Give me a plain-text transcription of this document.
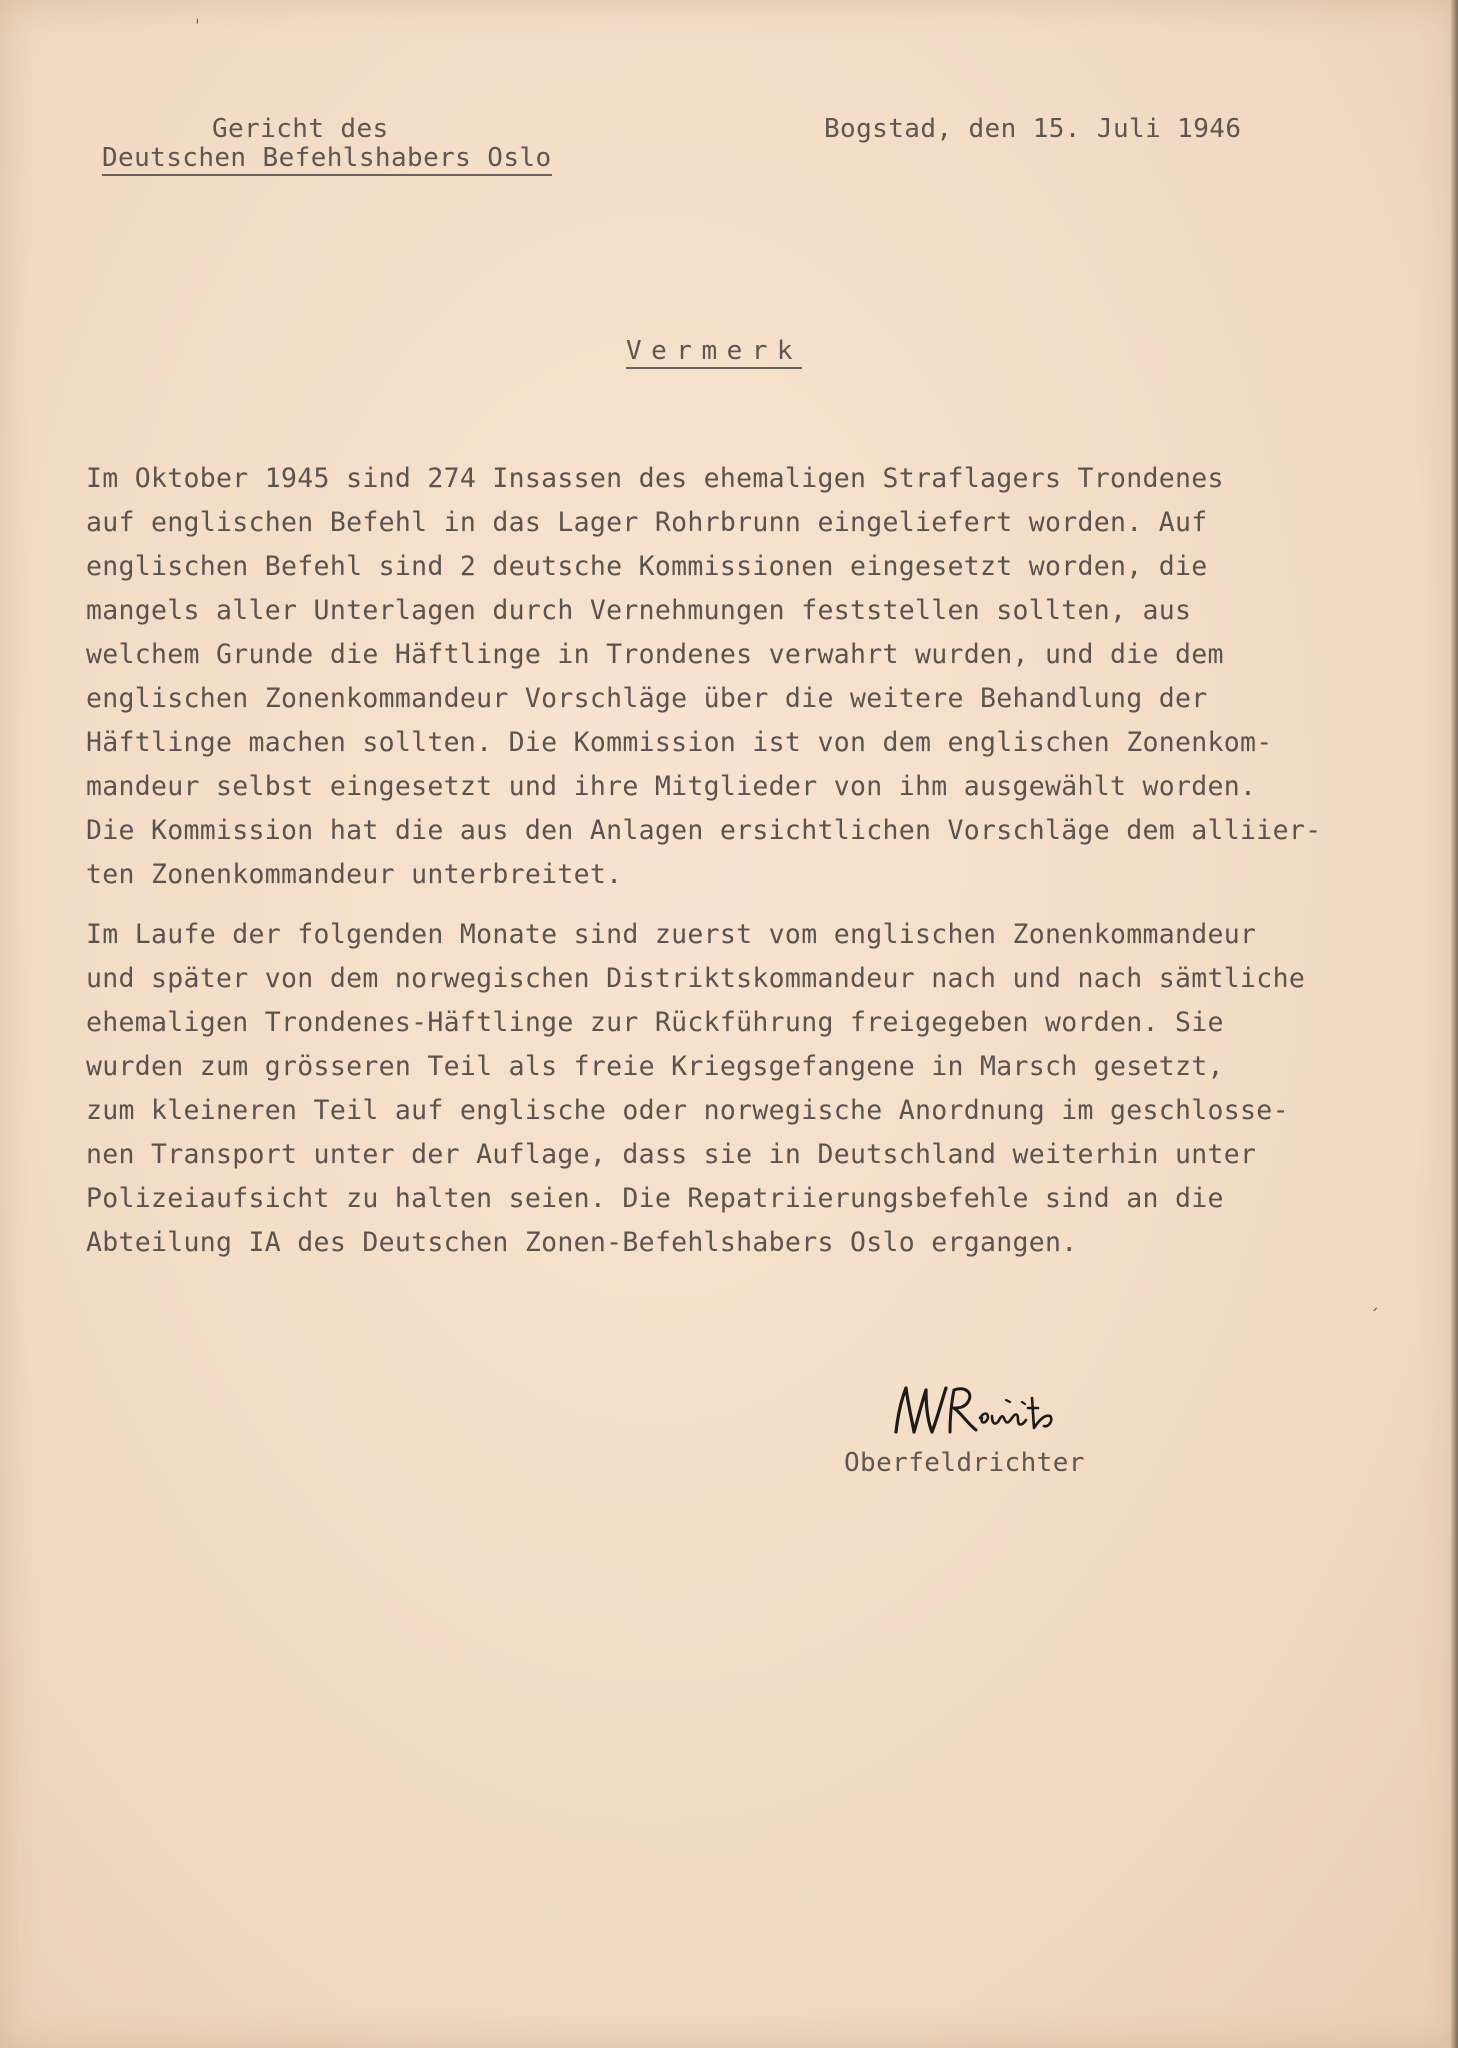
Gericht des
Deutschen Befehlshabers Oslo
Bogstad, den 15. Juli 1946
Vermerk
Im Oktober 1945 sind 274 Insassen des ehemaligen Straflagers Trondenes
auf englischen Befehl in das Lager Rohrbrunn eingeliefert worden. Auf
englischen Befehl sind 2 deutsche Kommissionen eingesetzt worden, die
mangels aller Unterlagen durch Vernehmungen feststellen sollten, aus
welchem Grunde die Häftlinge in Trondenes verwahrt wurden, und die dem
englischen Zonenkommandeur Vorschläge über die weitere Behandlung der
Häftlinge machen sollten. Die Kommission ist von dem englischen Zonenkom-
mandeur selbst eingesetzt und ihre Mitglieder von ihm ausgewählt worden.
Die Kommission hat die aus den Anlagen ersichtlichen Vorschläge dem alliier-
ten Zonenkommandeur unterbreitet.
Im Laufe der folgenden Monate sind zuerst vom englischen Zonenkommandeur
und später von dem norwegischen Distriktskommandeur nach und nach sämtliche
ehemaligen Trondenes-Häftlinge zur Rückführung freigegeben worden. Sie
wurden zum grösseren Teil als freie Kriegsgefangene in Marsch gesetzt,
zum kleineren Teil auf englische oder norwegische Anordnung im geschlosse-
nen Transport unter der Auflage, dass sie in Deutschland weiterhin unter
Polizeiaufsicht zu halten seien. Die Repatriierungsbefehle sind an die
Abteilung IA des Deutschen Zonen-Befehlshabers Oslo ergangen.
Oberfeldrichter
ˈ
ˏ
